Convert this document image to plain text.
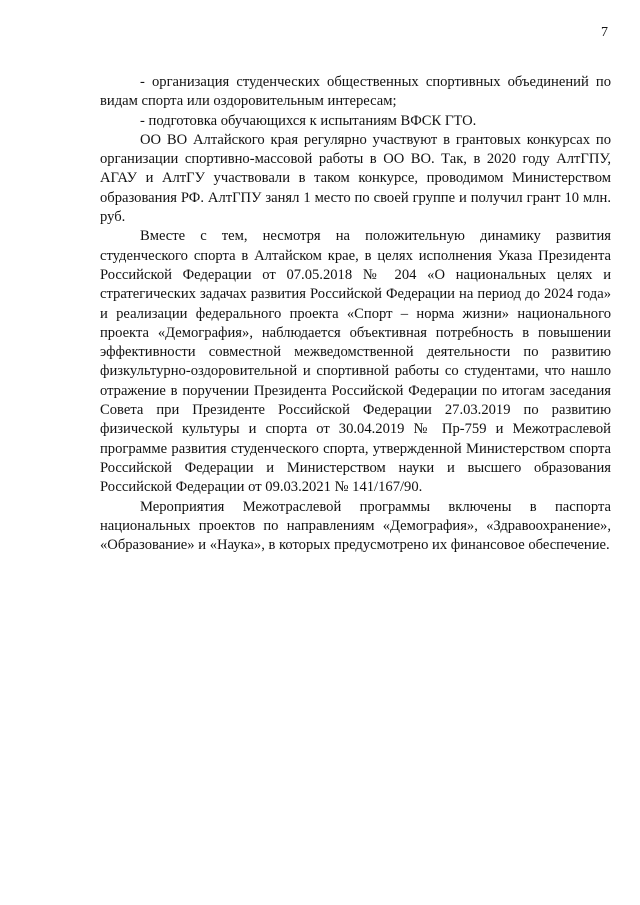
7

- организация студенческих общественных спортивных объединений по видам спорта или оздоровительным интересам;

- подготовка обучающихся к испытаниям ВФСК ГТО.

ОО ВО Алтайского края регулярно участвуют в грантовых конкурсах по организации спортивно-массовой работы в ОО ВО. Так, в 2020 году АлтГПУ, АГАУ и АлтГУ участвовали в таком конкурсе, проводимом Министерством образования РФ. АлтГПУ занял 1 место по своей группе и получил грант 10 млн. руб.

Вместе с тем, несмотря на положительную динамику развития студенческого спорта в Алтайском крае, в целях исполнения Указа Президента Российской Федерации от 07.05.2018 № 204 «О национальных целях и стратегических задачах развития Российской Федерации на период до 2024 года» и реализации федерального проекта «Спорт – норма жизни» национального проекта «Демография», наблюдается объективная потребность в повышении эффективности совместной межведомственной деятельности по развитию физкультурно-оздоровительной и спортивной работы со студентами, что нашло отражение в поручении Президента Российской Федерации по итогам заседания Совета при Президенте Российской Федерации 27.03.2019 по развитию физической культуры и спорта от 30.04.2019 № Пр-759 и Межотраслевой программе развития студенческого спорта, утвержденной Министерством спорта Российской Федерации и Министерством науки и высшего образования Российской Федерации от 09.03.2021 № 141/167/90.

Мероприятия Межотраслевой программы включены в паспорта национальных проектов по направлениям «Демография», «Здравоохранение», «Образование» и «Наука», в которых предусмотрено их финансовое обеспечение.
